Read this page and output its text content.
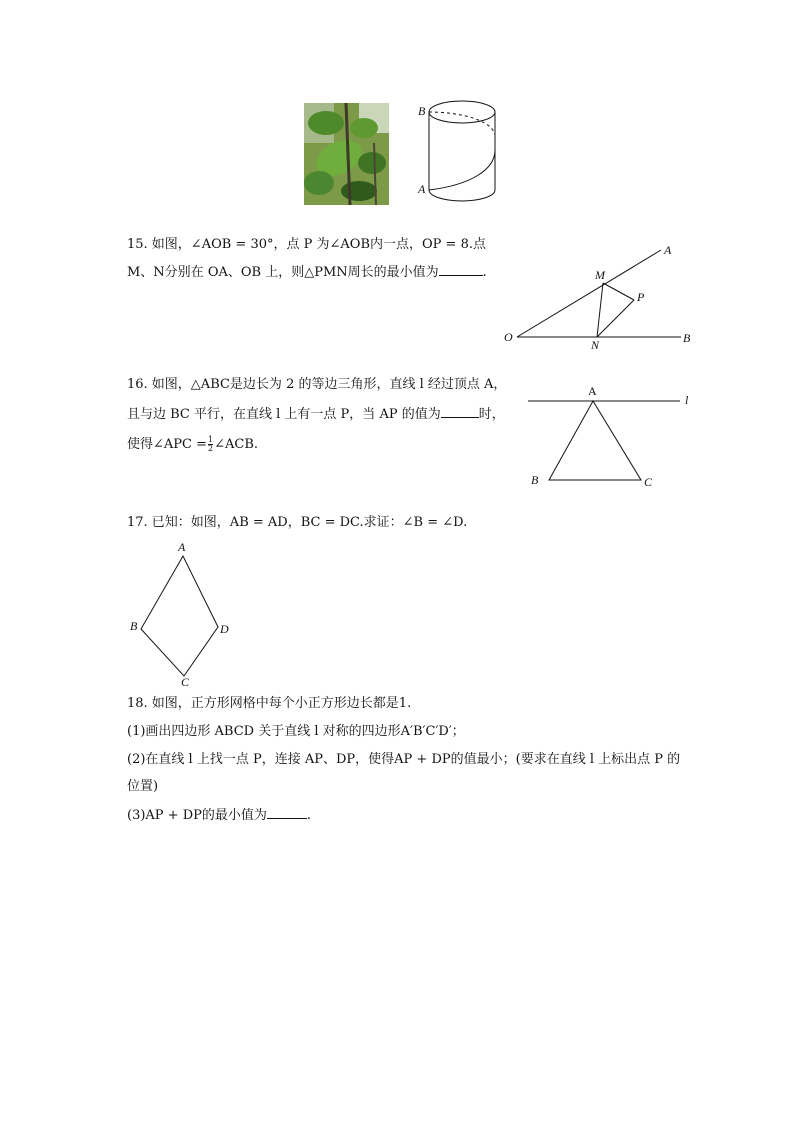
B
A
15. 如图，∠AOB = 30°，点 P 为∠AOB内一点，OP = 8.点
M、N分别在 OA、OB 上，则△PMN周长的最小值为	.
A
M
P
O
N	B
16. 如图，△ABC是边长为 2 的等边三角形，直线 l 经过顶点 A，
且与边 BC 平行，在直线 l 上有一点 P，当 AP 的值为	时，
使得∠APC = $\frac{1}{2}$ ∠ACB.
A
l
B	C
17. 已知：如图，AB = AD，BC = DC.求证：∠B = ∠D.
A
B	D
C
18. 如图，正方形网格中每个小正方形边长都是1.
(1)画出四边形 ABCD 关于直线 l 对称的四边形A′B′C′D′；
(2)在直线 l 上找一点 P，连接 AP、DP，使得AP + DP的值最小；(要求在直线 l 上标出点 P 的
位置)
(3)AP + DP的最小值为	.
